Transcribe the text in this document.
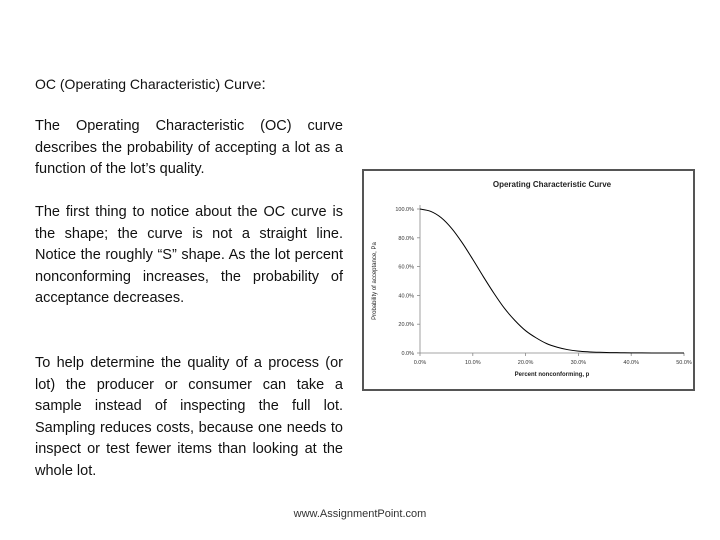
OC (Operating Characteristic) Curve:

The Operating Characteristic (OC) curve describes the probability of accepting a lot as a function of the lot’s quality.

The first thing to notice about the OC curve is the shape; the curve is not a straight line. Notice the roughly “S” shape. As the lot percent nonconforming increases, the probability of acceptance decreases.

To help determine the quality of a process (or lot) the producer or consumer can take a sample instead of inspecting the full lot. Sampling reduces costs, because one needs to inspect or test fewer items than looking at the whole lot.

Operating Characteristic Curve
0.0%
20.0%
40.0%
60.0%
80.0%
100.0%
0.0%	10.0%	20.0%	30.0%	40.0%	50.0%
Percent nonconforming, p
Probability of acceptance, Pa
www.AssignmentPoint.com
